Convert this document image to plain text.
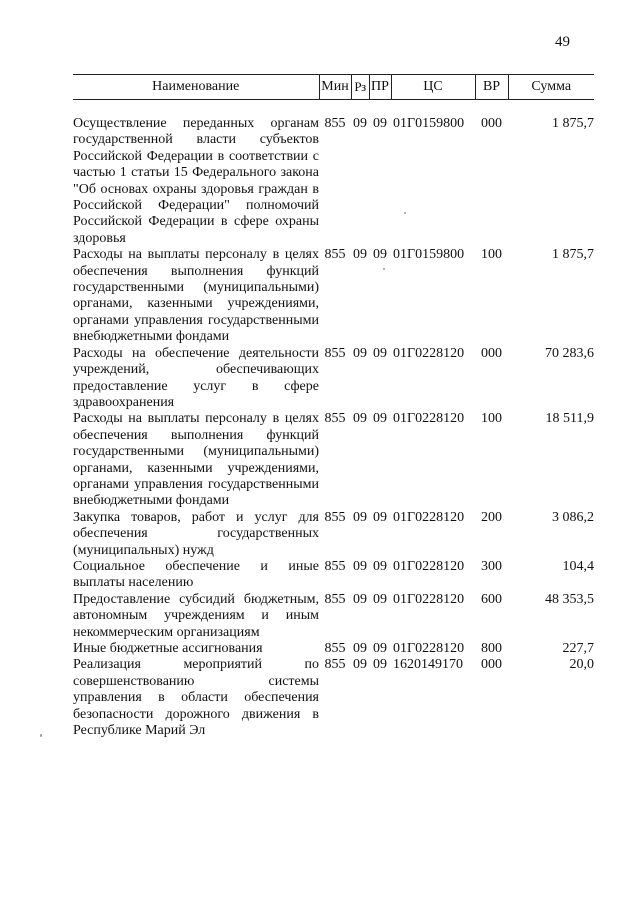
49
Наименование	Мин	Рз	ПР	ЦС	ВР	Сумма

Осуществление переданных органам государственной власти субъектов Российской Федерации в соответствии с частью 1 статьи 15 Федерального закона "Об основах охраны здоровья граждан в Российской Федерации" полномочий Российской Федерации в сфере охраны здоровья	855	09	09	01Г0159800	000	1 875,7
Расходы на выплаты персоналу в целях обеспечения выполнения функций государственными (муниципальными) органами, казенными учреждениями, органами управления государственными внебюджетными фондами	855	09	09	01Г0159800	100	1 875,7
Расходы на обеспечение деятельности учреждений, обеспечивающих предоставление услуг в сфере здравоохранения	855	09	09	01Г0228120	000	70 283,6
Расходы на выплаты персоналу в целях обеспечения выполнения функций государственными (муниципальными) органами, казенными учреждениями, органами управления государственными внебюджетными фондами	855	09	09	01Г0228120	100	18 511,9
Закупка товаров, работ и услуг для обеспечения государственных (муниципальных) нужд	855	09	09	01Г0228120	200	3 086,2
Социальное обеспечение и иные выплаты населению	855	09	09	01Г0228120	300	104,4
Предоставление субсидий бюджетным, автономным учреждениям и иным некоммерческим организациям	855	09	09	01Г0228120	600	48 353,5
Иные бюджетные ассигнования	855	09	09	01Г0228120	800	227,7
Реализация мероприятий по совершенствованию системы управления в области обеспечения безопасности дорожного движения в Республике Марий Эл	855	09	09	1620149170	000	20,0
